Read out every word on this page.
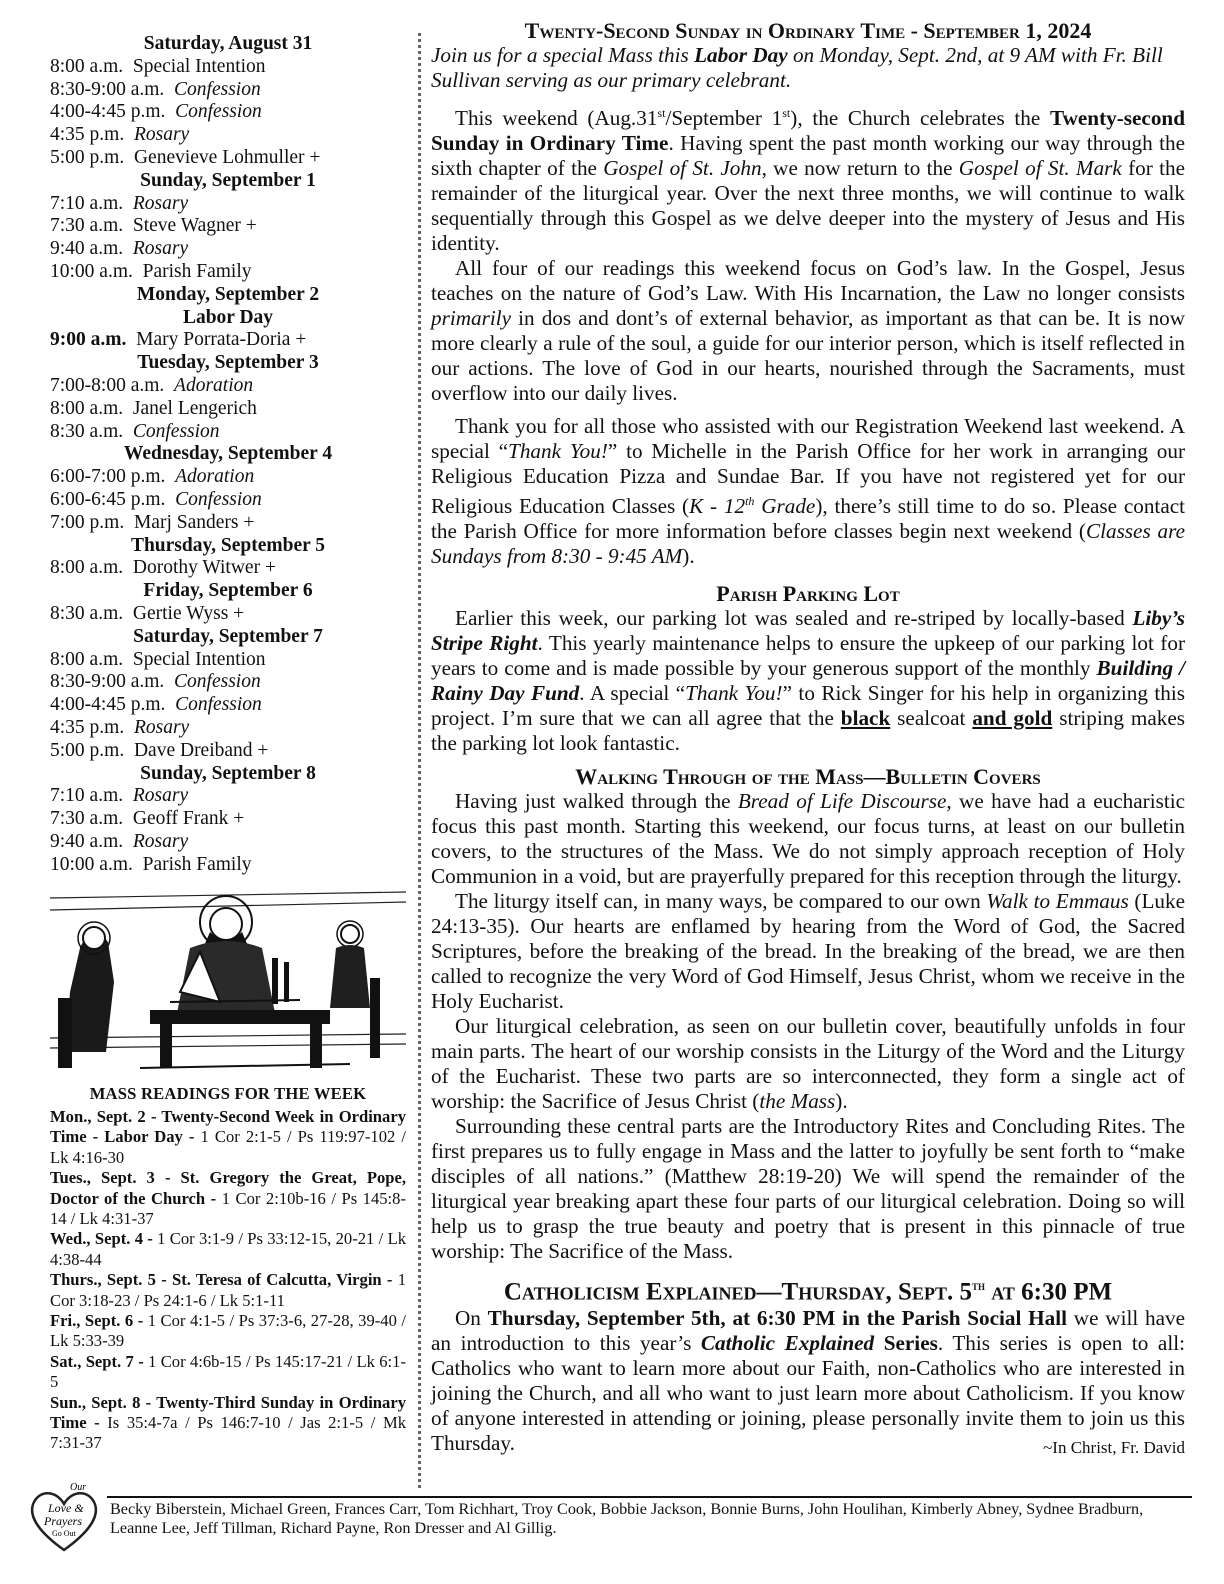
Saturday, August 31
8:00 a.m. Special Intention
8:30-9:00 a.m. Confession
4:00-4:45 p.m. Confession
4:35 p.m. Rosary
5:00 p.m. Genevieve Lohmuller +
Sunday, September 1
7:10 a.m. Rosary
7:30 a.m. Steve Wagner +
9:40 a.m. Rosary
10:00 a.m. Parish Family
Monday, September 2
Labor Day
9:00 a.m. Mary Porrata-Doria +
Tuesday, September 3
7:00-8:00 a.m. Adoration
8:00 a.m. Janel Lengerich
8:30 a.m. Confession
Wednesday, September 4
6:00-7:00 p.m. Adoration
6:00-6:45 p.m. Confession
7:00 p.m. Marj Sanders +
Thursday, September 5
8:00 a.m. Dorothy Witwer +
Friday, September 6
8:30 a.m. Gertie Wyss +
Saturday, September 7
8:00 a.m. Special Intention
8:30-9:00 a.m. Confession
4:00-4:45 p.m. Confession
4:35 p.m. Rosary
5:00 p.m. Dave Dreiband +
Sunday, September 8
7:10 a.m. Rosary
7:30 a.m. Geoff Frank +
9:40 a.m. Rosary
10:00 a.m. Parish Family
MASS READINGS FOR THE WEEK

Mon., Sept. 2 - Twenty-Second Week in Ordinary Time - Labor Day - 1 Cor 2:1-5 / Ps 119:97-102 / Lk 4:16-30

Tues., Sept. 3 - St. Gregory the Great, Pope, Doctor of the Church - 1 Cor 2:10b-16 / Ps 145:8-14 / Lk 4:31-37

Wed., Sept. 4 - 1 Cor 3:1-9 / Ps 33:12-15, 20-21 / Lk 4:38-44

Thurs., Sept. 5 - St. Teresa of Calcutta, Virgin - 1 Cor 3:18-23 / Ps 24:1-6 / Lk 5:1-11

Fri., Sept. 6 - 1 Cor 4:1-5 / Ps 37:3-6, 27-28, 39-40 / Lk 5:33-39

Sat., Sept. 7 - 1 Cor 4:6b-15 / Ps 145:17-21 / Lk 6:1-5

Sun., Sept. 8 - Twenty-Third Sunday in Ordinary Time - Is 35:4-7a / Ps 146:7-10 / Jas 2:1-5 / Mk 7:31-37

Twenty-Second Sunday in Ordinary Time - September 1, 2024

Join us for a special Mass this Labor Day on Monday, Sept. 2nd, at 9 AM with Fr. Bill Sullivan serving as our primary celebrant.

This weekend (Aug.31st/September 1st), the Church celebrates the Twenty-second Sunday in Ordinary Time. Having spent the past month working our way through the sixth chapter of the Gospel of St. John, we now return to the Gospel of St. Mark for the remainder of the liturgical year. Over the next three months, we will continue to walk sequentially through this Gospel as we delve deeper into the mystery of Jesus and His identity.

All four of our readings this weekend focus on God’s law. In the Gospel, Jesus teaches on the nature of God’s Law. With His Incarnation, the Law no longer consists primarily in dos and dont’s of external behavior, as important as that can be. It is now more clearly a rule of the soul, a guide for our interior person, which is itself reflected in our actions. The love of God in our hearts, nourished through the Sacraments, must overflow into our daily lives.

Thank you for all those who assisted with our Registration Weekend last weekend. A special “Thank You!” to Michelle in the Parish Office for her work in arranging our Religious Education Pizza and Sundae Bar. If you have not registered yet for our Religious Education Classes (K - 12th Grade), there’s still time to do so. Please contact the Parish Office for more information before classes begin next weekend (Classes are Sundays from 8:30 - 9:45 AM).

Parish Parking Lot

Earlier this week, our parking lot was sealed and re-striped by locally-based Liby’s Stripe Right. This yearly maintenance helps to ensure the upkeep of our parking lot for years to come and is made possible by your generous support of the monthly Building / Rainy Day Fund. A special “Thank You!” to Rick Singer for his help in organizing this project. I’m sure that we can all agree that the black sealcoat and gold striping makes the parking lot look fantastic.

Walking Through of the Mass—Bulletin Covers

Having just walked through the Bread of Life Discourse, we have had a eucharistic focus this past month. Starting this weekend, our focus turns, at least on our bulletin covers, to the structures of the Mass. We do not simply approach reception of Holy Communion in a void, but are prayerfully prepared for this reception through the liturgy.

The liturgy itself can, in many ways, be compared to our own Walk to Emmaus (Luke 24:13-35). Our hearts are enflamed by hearing from the Word of God, the Sacred Scriptures, before the breaking of the bread. In the breaking of the bread, we are then called to recognize the very Word of God Himself, Jesus Christ, whom we receive in the Holy Eucharist.

Our liturgical celebration, as seen on our bulletin cover, beautifully unfolds in four main parts. The heart of our worship consists in the Liturgy of the Word and the Liturgy of the Eucharist. These two parts are so interconnected, they form a single act of worship: the Sacrifice of Jesus Christ (the Mass).

Surrounding these central parts are the Introductory Rites and Concluding Rites. The first prepares us to fully engage in Mass and the latter to joyfully be sent forth to “make disciples of all nations.” (Matthew 28:19-20) We will spend the remainder of the liturgical year breaking apart these four parts of our liturgical celebration. Doing so will help us to grasp the true beauty and poetry that is present in this pinnacle of true worship: The Sacrifice of the Mass.

Catholicism Explained—Thursday, Sept. 5th at 6:30 PM

On Thursday, September 5th, at 6:30 PM in the Parish Social Hall we will have an introduction to this year’s Catholic Explained Series. This series is open to all: Catholics who want to learn more about our Faith, non-Catholics who are interested in joining the Church, and all who want to just learn more about Catholicism. If you know of anyone interested in attending or joining, please personally invite them to join us this Thursday.	~In Christ, Fr. David

Our
Love &
Prayers
Go Out
Becky Biberstein, Michael Green, Frances Carr, Tom Richhart, Troy Cook, Bobbie Jackson, Bonnie Burns, John Houlihan, Kimberly Abney, Sydnee Bradburn, Leanne Lee, Jeff Tillman, Richard Payne, Ron Dresser and Al Gillig.
